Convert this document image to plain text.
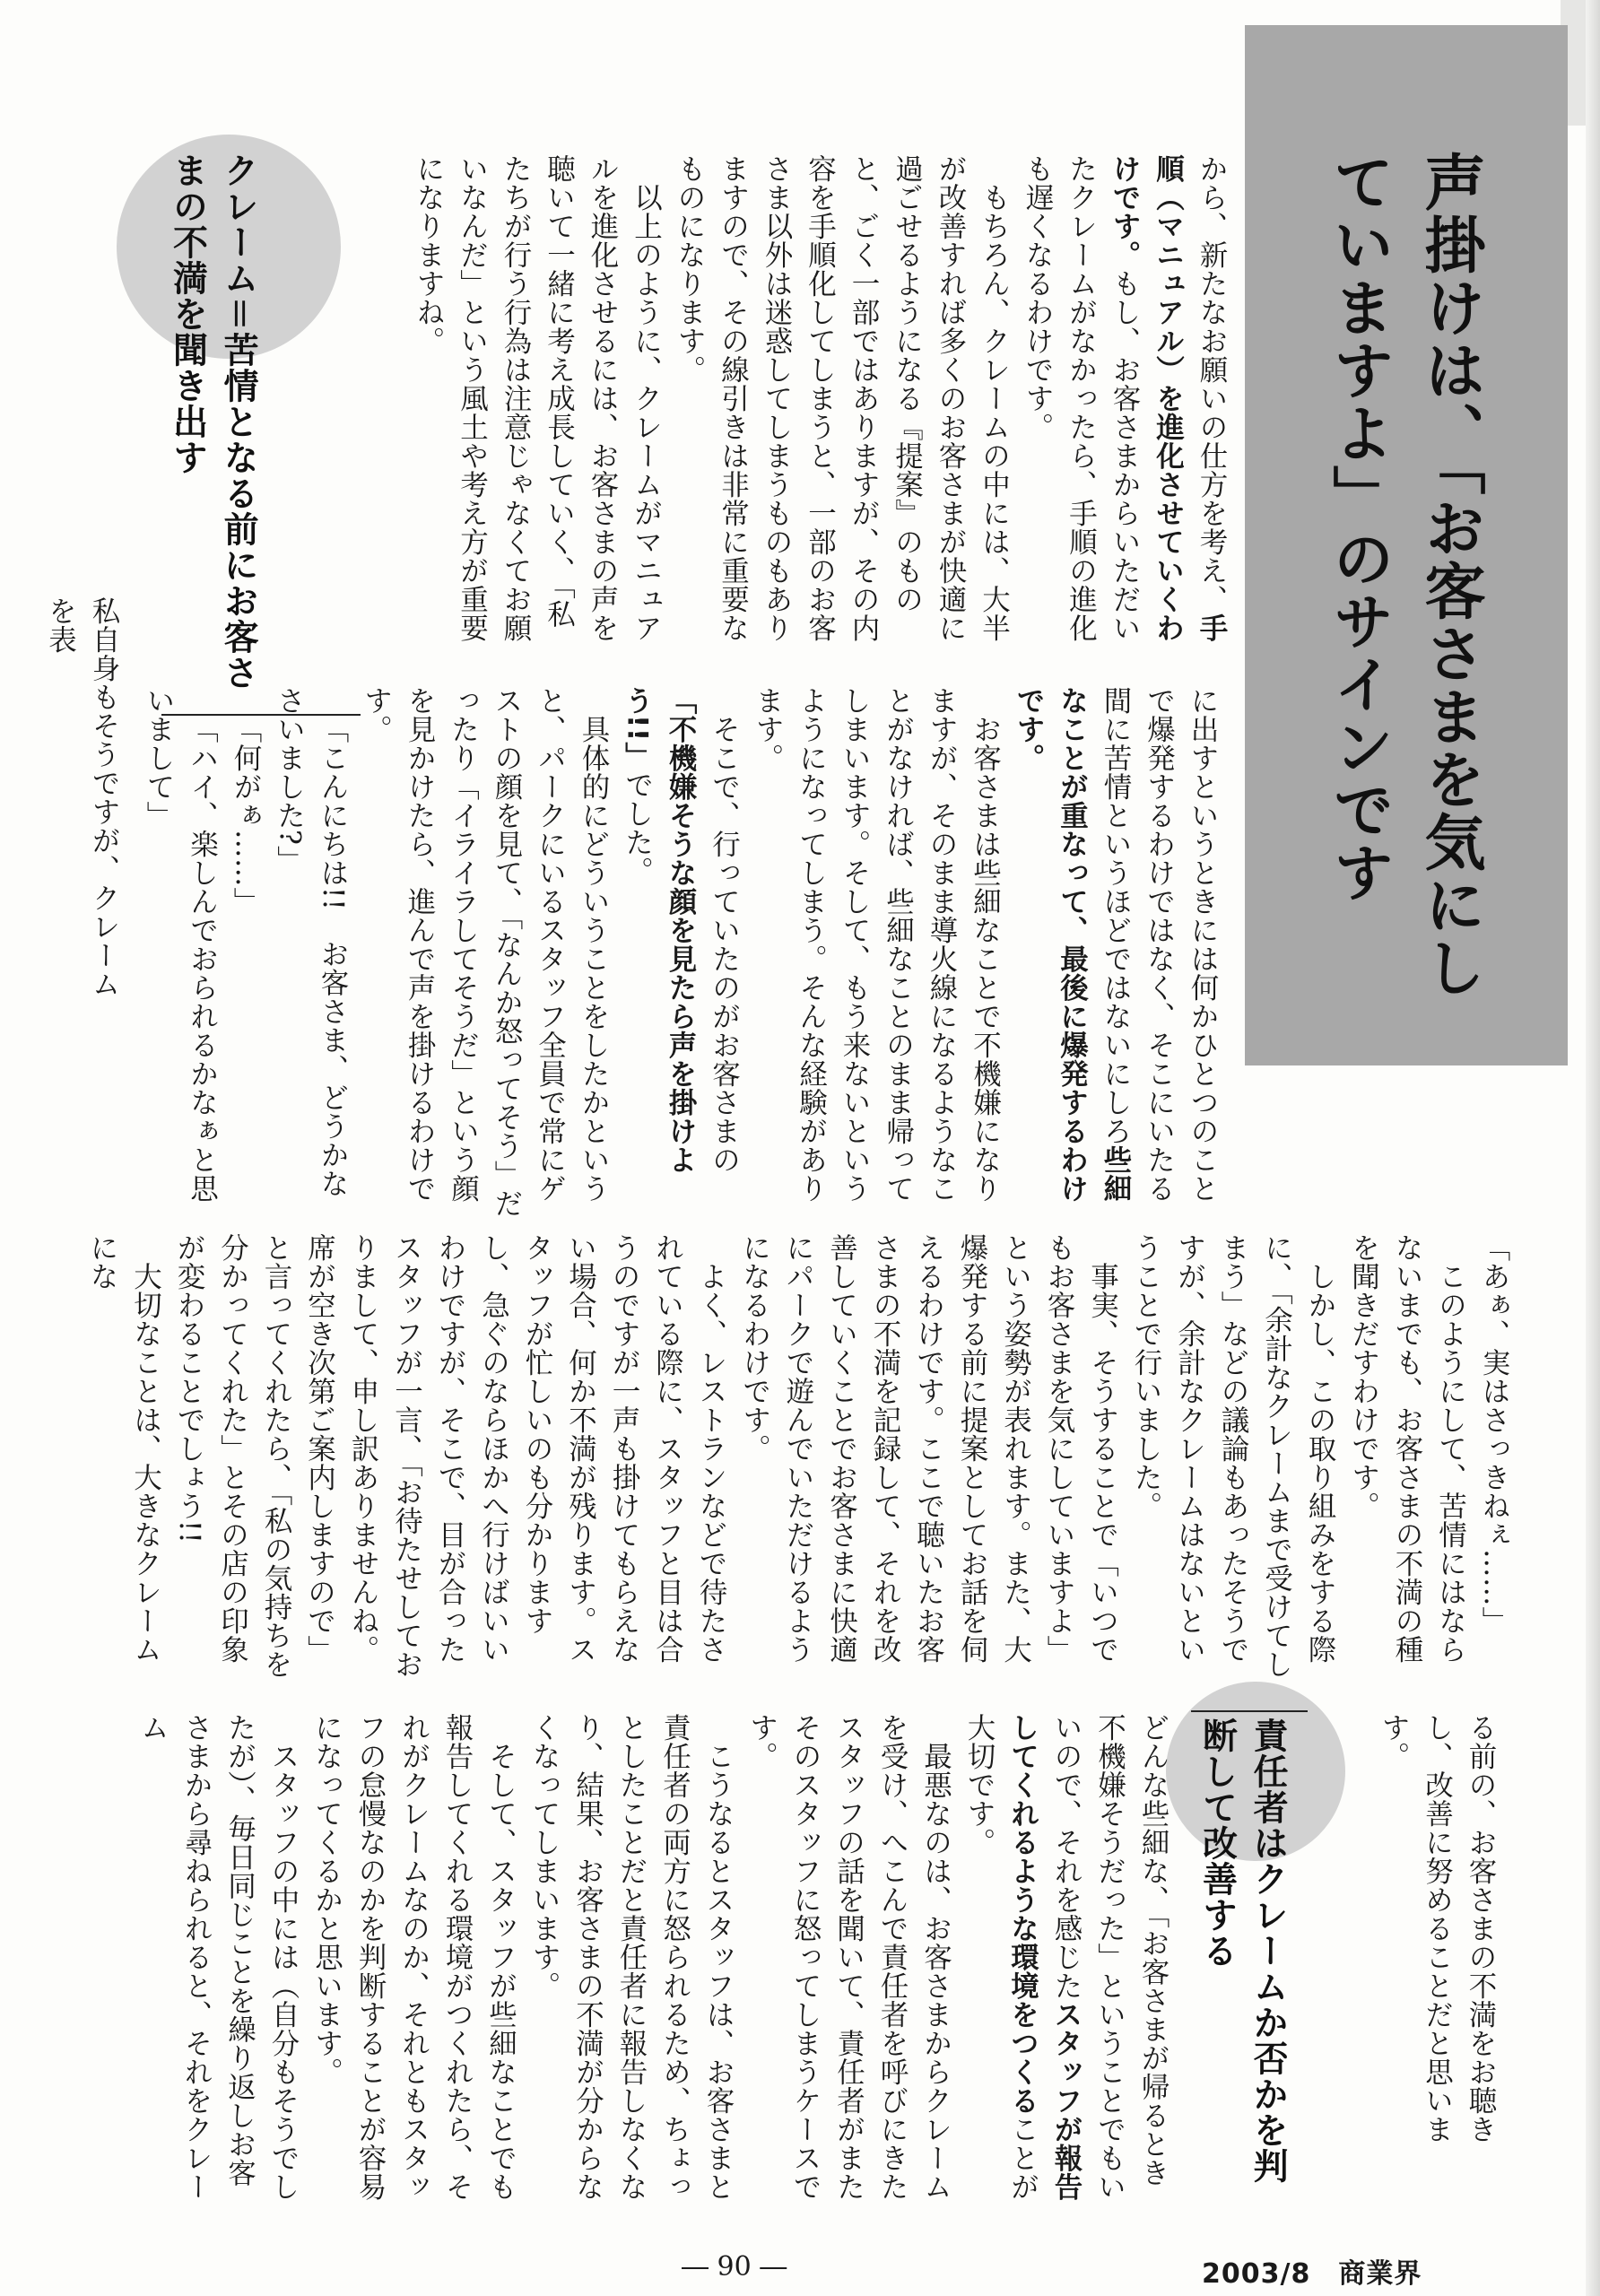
声掛けは、「お客さまを気にしていますよ」のサインです
クレーム＝苦情となる前にお客さまの不満を聞き出す
責任者はクレームか否かを判断して改善する

に出すというときには何かひとつのことで爆発するわけではなく、そこにいたる間に苦情というほどではないにしろ些細なことが重なって、最後に爆発するわけです。

お客さまは些細なことで不機嫌になりますが、そのまま導火線になるようなことがなければ、些細なことのまま帰ってしまいます。そして、もう来ないというようになってしまう。そんな経験があります。

そこで、行っていたのがお客さまの「不機嫌そうな顔を見たら声を掛けよう!!」でした。

具体的にどういうことをしたかというと、パークにいるスタッフ全員で常にゲストの顔を見て、「なんか怒ってそう」だったり「イライラしてそうだ」という顔を見かけたら、進んで声を掛けるわけです。

「こんにちは!!　お客さま、どうかなさいました?」

「何がぁ……」

「ハイ、楽しんでおられるかなぁと思いまして」

から、新たなお願いの仕方を考え、手順（マニュアル）を進化させていくわけです。もし、お客さまからいただいたクレームがなかったら、手順の進化も遅くなるわけです。

もちろん、クレームの中には、大半が改善すれば多くのお客さまが快適に過ごせるようになる『提案』のものと、ごく一部ではありますが、その内容を手順化してしまうと、一部のお客さま以外は迷惑してしまうものもありますので、その線引きは非常に重要なものになります。

以上のように、クレームがマニュアルを進化させるには、お客さまの声を聴いて一緒に考え成長していく、「私たちが行う行為は注意じゃなくてお願いなんだ」という風土や考え方が重要になりますね。

私自身もそうですが、クレームを表

「あぁ、実はさっきねぇ……」

このようにして、苦情にはならないまでも、お客さまの不満の種を聞きだすわけです。

しかし、この取り組みをする際に、「余計なクレームまで受けてしまう」などの議論もあったそうですが、余計なクレームはないということで行いました。

事実、そうすることで「いつでもお客さまを気にしていますよ」という姿勢が表れます。また、大爆発する前に提案としてお話を伺えるわけです。ここで聴いたお客さまの不満を記録して、それを改善していくことでお客さまに快適にパークで遊んでいただけるようになるわけです。

よく、レストランなどで待たされている際に、スタッフと目は合うのですが一声も掛けてもらえない場合、何か不満が残ります。スタッフが忙しいのも分かりますし、急ぐのならほかへ行けばいいわけですが、そこで、目が合ったスタッフが一言、「お待たせしておりまして、申し訳ありませんね。席が空き次第ご案内しますので」と言ってくれたら、「私の気持ちを分かってくれた」とその店の印象が変わることでしょう!!

大切なことは、大きなクレームにな

る前の、お客さまの不満をお聴きし、改善に努めることだと思います。

どんな些細な、「お客さまが帰るとき不機嫌そうだった」ということでもいいので、それを感じたスタッフが報告してくれるような環境をつくることが大切です。

最悪なのは、お客さまからクレームを受け、へこんで責任者を呼びにきたスタッフの話を聞いて、責任者がまたそのスタッフに怒ってしまうケースです。

こうなるとスタッフは、お客さまと責任者の両方に怒られるため、ちょっとしたことだと責任者に報告しなくなり、結果、お客さまの不満が分からなくなってしまいます。

そして、スタッフが些細なことでも報告してくれる環境がつくれたら、それがクレームなのか、それともスタッフの怠慢なのかを判断することが容易になってくるかと思います。

スタッフの中には（自分もそうでしたが）、毎日同じことを繰り返しお客さまから尋ねられると、それをクレーム

― 90 ―	2003/8　商業界
